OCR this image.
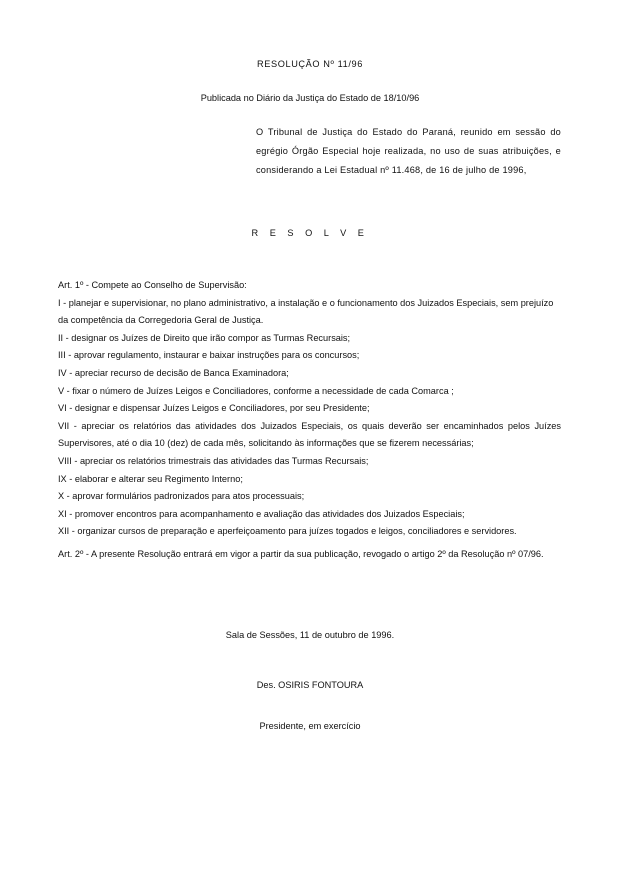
RESOLUÇÃO Nº 11/96
Publicada no Diário da Justiça do Estado de 18/10/96
O Tribunal de Justiça do Estado do Paraná, reunido em sessão do egrégio Órgão Especial hoje realizada, no uso de suas atribuições, e considerando a Lei Estadual nº 11.468, de 16 de julho de 1996,
R E S O L V E

Art. 1º - Compete ao Conselho de Supervisão:

I - planejar e supervisionar, no plano administrativo, a instalação e o funcionamento dos Juizados Especiais, sem prejuízo da competência da Corregedoria Geral de Justiça.

II - designar os Juízes de Direito que irão compor as Turmas Recursais;

III - aprovar regulamento, instaurar e baixar instruções para os concursos;

IV - apreciar recurso de decisão de Banca Examinadora;

V - fixar o número de Juízes Leigos e Conciliadores, conforme a necessidade de cada Comarca ;

VI - designar e dispensar Juízes Leigos e Conciliadores, por seu Presidente;

VII - apreciar os relatórios das atividades dos Juizados Especiais, os quais deverão ser encaminhados pelos Juízes Supervisores, até o dia 10 (dez) de cada mês, solicitando às informações que se fizerem necessárias;

VIII - apreciar os relatórios trimestrais das atividades das Turmas Recursais;

IX - elaborar e alterar seu Regimento Interno;

X - aprovar formulários padronizados para atos processuais;

XI - promover encontros para acompanhamento e avaliação das atividades dos Juizados Especiais;

XII - organizar cursos de preparação e aperfeiçoamento para juízes togados e leigos, conciliadores e servidores.

Art. 2º - A presente Resolução entrará em vigor a partir da sua publicação, revogado o artigo 2º da Resolução nº 07/96.

Sala de Sessões, 11 de outubro de 1996.
Des. OSIRIS FONTOURA
Presidente, em exercício
